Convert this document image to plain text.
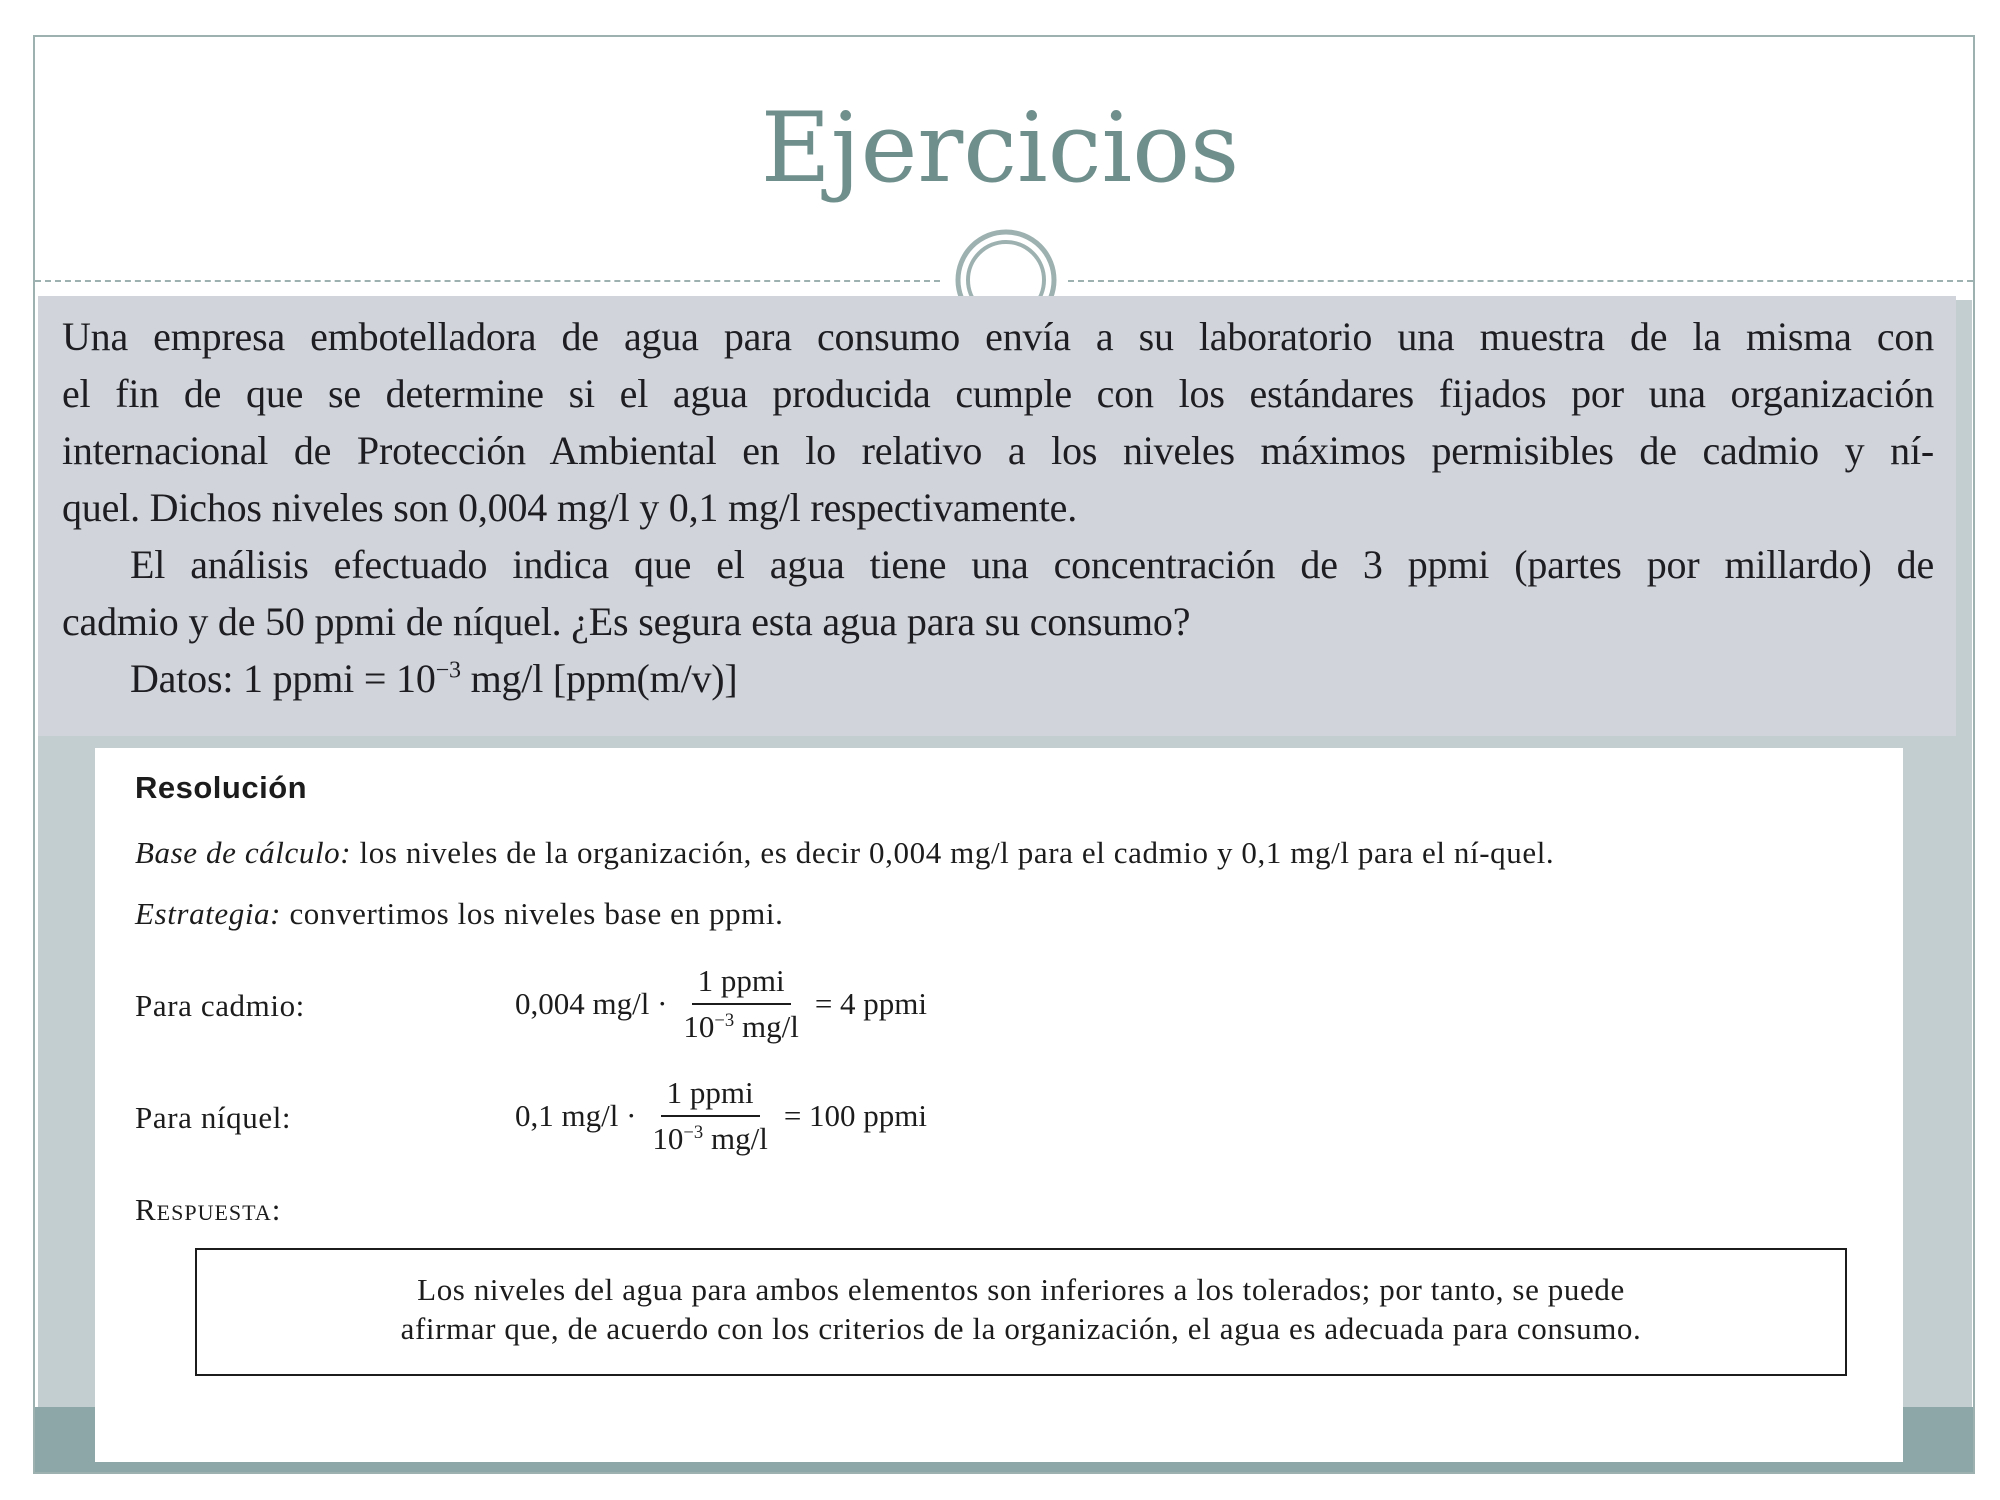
Ejercicios

Una empresa embotelladora de agua para consumo envía a su laboratorio una muestra de la misma con

el fin de que se determine si el agua producida cumple con los estándares fijados por una organización

internacional de Protección Ambiental en lo relativo a los niveles máximos permisibles de cadmio y ní-

quel. Dichos niveles son 0,004 mg/l y 0,1 mg/l respectivamente.

El análisis efectuado indica que el agua tiene una concentración de 3 ppmi (partes por millardo) de

cadmio y de 50 ppmi de níquel. ¿Es segura esta agua para su consumo?

Datos: 1 ppmi = $10^{-3}$ mg/l [ppm(m/v)]

Resolución

Base de cálculo: los niveles de la organización, es decir 0,004 mg/l para el cadmio y 0,1 mg/l para el ní-quel.

Estrategia: convertimos los niveles base en ppmi.

Para cadmio:	0,004 $mg/l \cdot \frac{\text{1 ppmi}}{10^{-3} mg/l} = 4$ ppmi
Para níquel:	0,1 $mg/l \cdot \frac{\text{1 ppmi}}{10^{-3} mg/l} = 100$ ppmi
Respuesta:
Los niveles del agua para ambos elementos son inferiores a los tolerados; por tanto, se puede
afirmar que, de acuerdo con los criterios de la organización, el agua es adecuada para consumo.
